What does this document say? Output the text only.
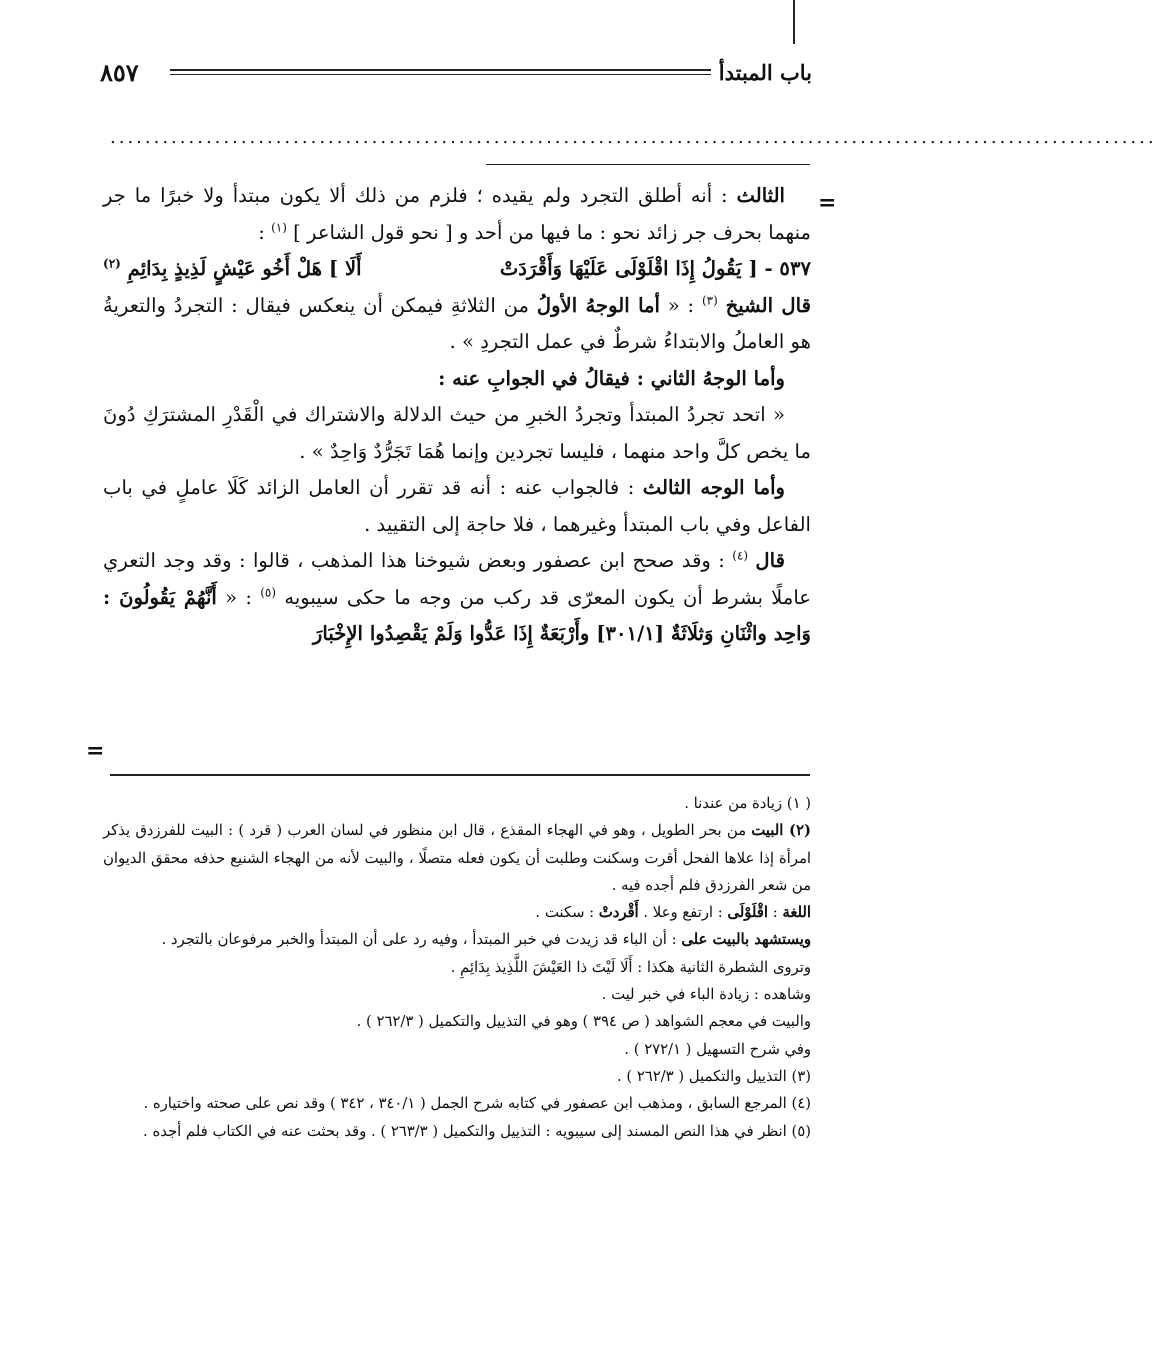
٨٥٧	باب المبتدأ
........................................................................................................................
=
=

الثالث : أنه أطلق التجرد ولم يقيده ؛ فلزم من ذلك ألا يكون مبتدأ ولا خبرًا ما جر منهما بحرف جر زائد نحو : ما فيها من أحد و [ نحو قول الشاعر ] $^{(١)}$ :

٥٣٧ - [ يَقُولُ إِذَا اقْلَوْلَى عَلَيْهَا وَأَقْرَدَتْ
أَلَا ] هَلْ أَخُو عَيْشٍ لَذِيذٍ بِدَائِمِ $^{(٢)}$

قال الشيخ $^{(٣)}$ : « أما الوجهُ الأولُ من الثلاثةِ فيمكن أن ينعكس فيقال : التجردُ والتعريةُ هو العاملُ والابتداءُ شرطٌ في عمل التجردِ » .

وأما الوجهُ الثاني : فيقالُ في الجوابِ عنه :

« اتحد تجردُ المبتدأ وتجردُ الخبرِ من حيث الدلالة والاشتراك في الْقَدْرِ المشترَكِ دُونَ ما يخص كلَّ واحد منهما ، فليسا تجردين وإنما هُمَا تَجَرُّدٌ وَاحِدٌ » .

وأما الوجه الثالث : فالجواب عنه : أنه قد تقرر أن العامل الزائد كَلَا عاملٍ في باب الفاعل وفي باب المبتدأ وغيرهما ، فلا حاجة إلى التقييد .

قال $^{(٤)}$ : وقد صحح ابن عصفور وبعض شيوخنا هذا المذهب ، قالوا : وقد وجد التعري عاملًا بشرط أن يكون المعرّى قد ركب من وجه ما حكى سيبويه $^{(٥)}$ : « أَنَّهُمْ يَقُولُونَ : وَاحِد واثْنَانِ وَثلَاثَةٌ [٣٠١/١] وأَرْبَعَةٌ إِذَا عَدُّوا وَلَمْ يَقْصِدُوا الإِخْبَارَ

( ١) زيادة من عندنا .

(٢) البيت من بحر الطويل ، وهو في الهجاء المقذع ، قال ابن منظور في لسان العرب ( قرد ) : البيت للفرزدق يذكر امرأة إذا علاها الفحل أقرت وسكنت وطلبت أن يكون فعله متصلًا ، والبيت لأنه من الهجاء الشنيع حذفه محقق الديوان من شعر الفرزدق فلم أجده فيه .

اللغة : اقْلَوْلَى : ارتفع وعلا . أَقْردتْ : سكنت .

ويستشهد بالبيت على : أن الباء قد زيدت في خبر المبتدأ ، وفيه رد على أن المبتدأ والخبر مرفوعان بالتجرد .

وتروى الشطرة الثانية هكذا : أَلَا لَيْتَ ذا العَيْشَ اللَّذِيذ بِدَائِمِ .

وشاهده : زيادة الباء في خبر ليت .

والبيت في معجم الشواهد ( ص ٣٩٤ ) وهو في التذييل والتكميل ( ٢٦٢/٣ ) .

وفي شرح التسهيل ( ٢٧٢/١ ) .

(٣) التذييل والتكميل ( ٢٦٢/٣ ) .

(٤) المرجع السابق ، ومذهب ابن عصفور في كتابه شرح الجمل ( ٣٤٠/١ ، ٣٤٢ ) وقد نص على صحته واختياره .

(٥) انظر في هذا النص المسند إلى سيبويه : التذييل والتكميل ( ٢٦٣/٣ ) . وقد بحثت عنه في الكتاب فلم أجده .
